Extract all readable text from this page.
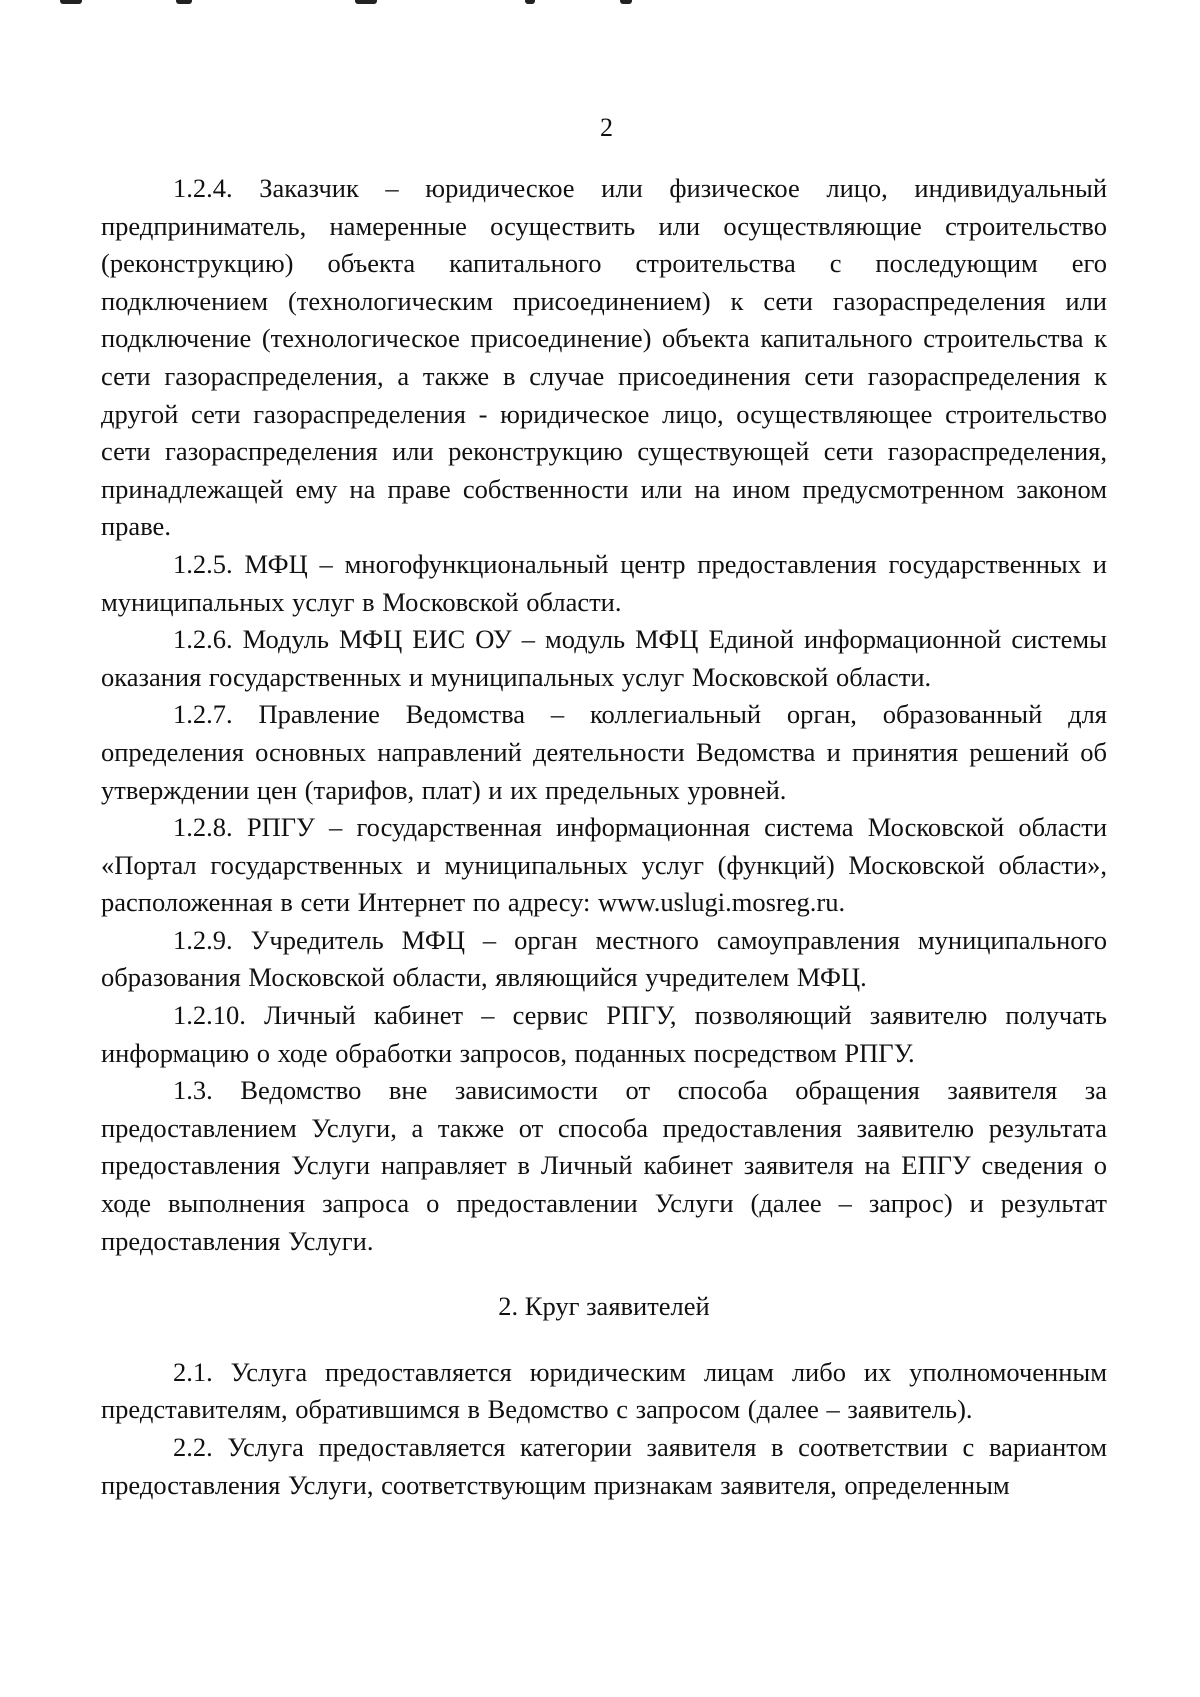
2

1.2.4. Заказчик – юридическое или физическое лицо, индивидуальный предприниматель, намеренные осуществить или осуществляющие строительство (реконструкцию) объекта капитального строительства с последующим его подключением (технологическим присоединением) к сети газораспределения или подключение (технологическое присоединение) объекта капитального строительства к сети газораспределения, а также в случае присоединения сети газораспределения к другой сети газораспределения - юридическое лицо, осуществляющее строительство сети газораспределения или реконструкцию существующей сети газораспределения, принадлежащей ему на праве собственности или на ином предусмотренном законом праве.

1.2.5. МФЦ – многофункциональный центр предоставления государственных и муниципальных услуг в Московской области.

1.2.6. Модуль МФЦ ЕИС ОУ – модуль МФЦ Единой информационной системы оказания государственных и муниципальных услуг Московской области.

1.2.7. Правление Ведомства – коллегиальный орган, образованный для определения основных направлений деятельности Ведомства и принятия решений об утверждении цен (тарифов, плат) и их предельных уровней.

1.2.8. РПГУ – государственная информационная система Московской области «Портал государственных и муниципальных услуг (функций) Московской области», расположенная в сети Интернет по адресу: www.uslugi.mosreg.ru.

1.2.9. Учредитель МФЦ – орган местного самоуправления муниципального образования Московской области, являющийся учредителем МФЦ.

1.2.10. Личный кабинет – сервис РПГУ, позволяющий заявителю получать информацию о ходе обработки запросов, поданных посредством РПГУ.

1.3. Ведомство вне зависимости от способа обращения заявителя за предоставлением Услуги, а также от способа предоставления заявителю результата предоставления Услуги направляет в Личный кабинет заявителя на ЕПГУ сведения о ходе выполнения запроса о предоставлении Услуги (далее – запрос) и результат предоставления Услуги.

2. Круг заявителей

2.1. Услуга предоставляется юридическим лицам либо их уполномоченным представителям, обратившимся в Ведомство с запросом (далее – заявитель).

2.2. Услуга предоставляется категории заявителя в соответствии с вариантом предоставления Услуги, соответствующим признакам заявителя, определенным
